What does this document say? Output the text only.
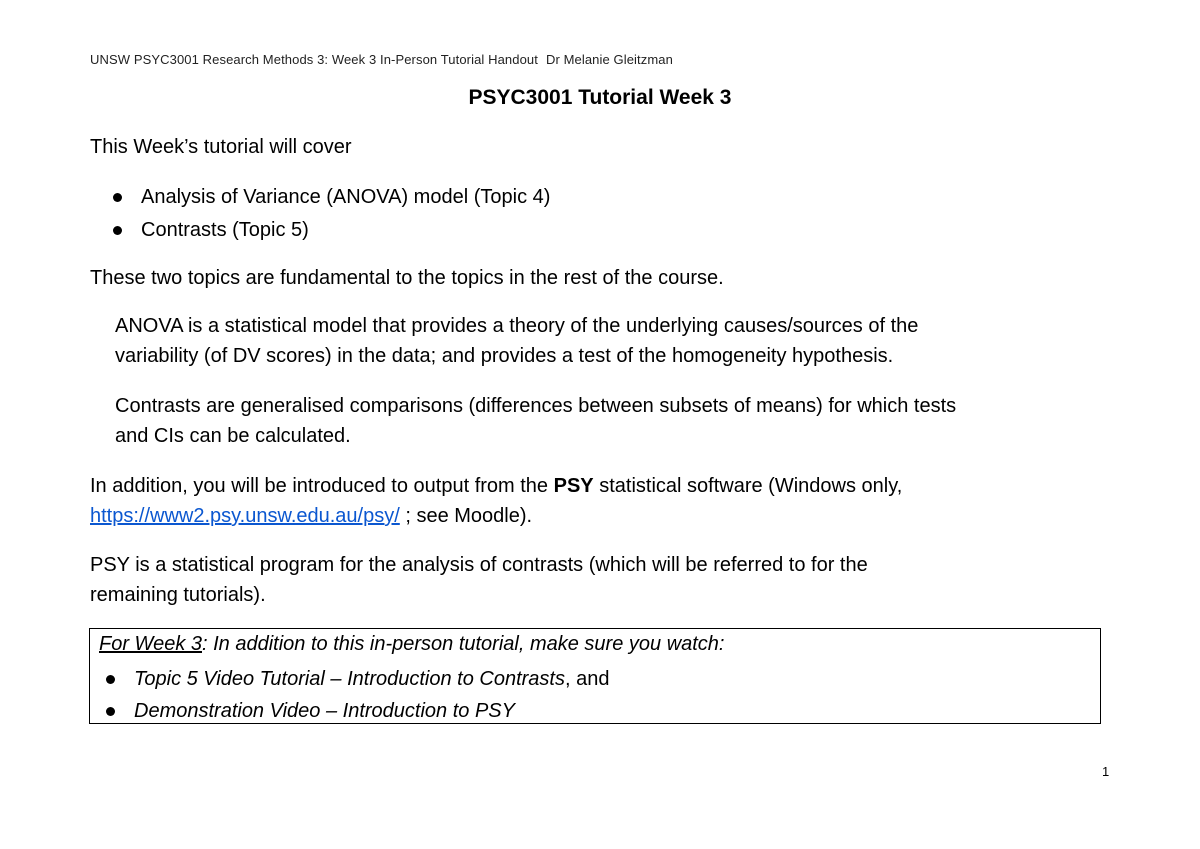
UNSW PSYC3001 Research Methods 3: Week 3 In-Person Tutorial Handout Dr Melanie Gleitzman
PSYC3001 Tutorial Week 3
This Week’s tutorial will cover
Analysis of Variance (ANOVA) model (Topic 4)
Contrasts (Topic 5)
These two topics are fundamental to the topics in the rest of the course.
ANOVA is a statistical model that provides a theory of the underlying causes/sources of the
variability (of DV scores) in the data; and provides a test of the homogeneity hypothesis.
Contrasts are generalised comparisons (differences between subsets of means) for which tests
and CIs can be calculated.
In addition, you will be introduced to output from the PSY statistical software (Windows only,
https://www2.psy.unsw.edu.au/psy/ ; see Moodle).
PSY is a statistical program for the analysis of contrasts (which will be referred to for the
remaining tutorials).
For Week 3: In addition to this in-person tutorial, make sure you watch:
Topic 5 Video Tutorial – Introduction to Contrasts, and
Demonstration Video – Introduction to PSY
1
